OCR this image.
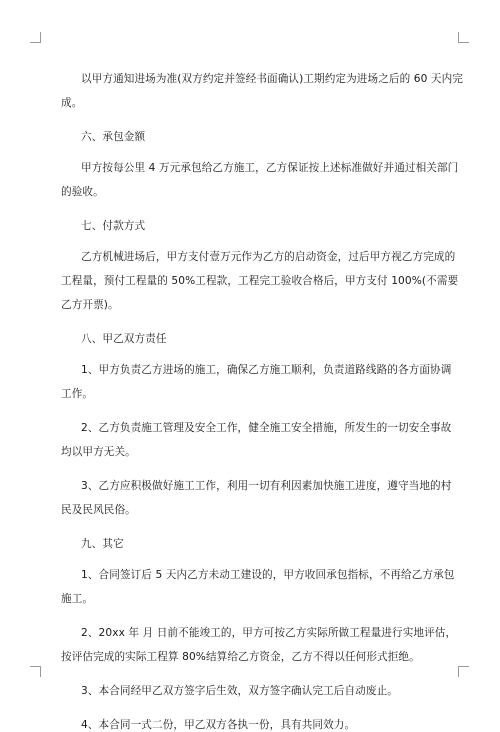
以甲方通知进场为准(双方约定并签经书面确认)工期约定为进场之后的 60 天内完
成。
六、承包金额
甲方按每公里 4 万元承包给乙方施工，乙方保证按上述标准做好并通过相关部门
的验收。
七、付款方式
乙方机械进场后，甲方支付壹万元作为乙方的启动资金，过后甲方视乙方完成的
工程量，预付工程量的 50%工程款，工程完工验收合格后，甲方支付 100%(不需要
乙方开票)。
八、甲乙双方责任
1、甲方负责乙方进场的施工，确保乙方施工顺利，负责道路线路的各方面协调
工作。
2、乙方负责施工管理及安全工作，健全施工安全措施，所发生的一切安全事故
均以甲方无关。
3、乙方应积极做好施工工作，利用一切有利因素加快施工进度，遵守当地的村
民及民风民俗。
九、其它
1、合同签订后 5 天内乙方未动工建设的，甲方收回承包指标，不再给乙方承包
施工。
2、20xx 年 月 日前不能竣工的，甲方可按乙方实际所做工程量进行实地评估，
按评估完成的实际工程算 80%结算给乙方资金，乙方不得以任何形式拒绝。
3、本合同经甲乙双方签字后生效，双方签字确认完工后自动废止。
4、本合同一式二份，甲乙双方各执一份，具有共同效力。
